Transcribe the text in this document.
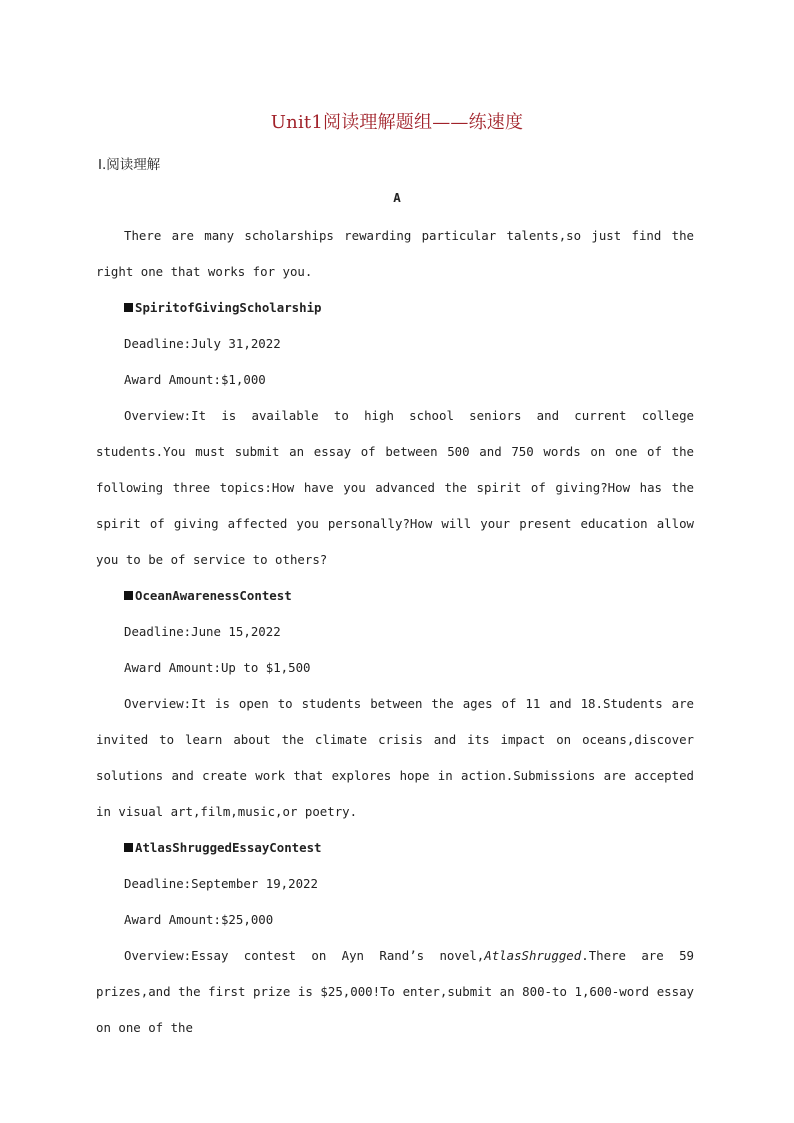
Unit1阅读理解题组——练速度
Ⅰ.阅读理解
A

There are many scholarships rewarding particular talents,so just find the right one that works for you.

SpiritofGivingScholarship

Deadline:July 31,2022

Award Amount:$1,000

Overview:It is available to high school seniors and current college students.You must submit an essay of between 500 and 750 words on one of the following three topics:How have you advanced the spirit of giving?How has the spirit of giving affected you personally?How will your present education allow you to be of service to others?

OceanAwarenessContest

Deadline:June 15,2022

Award Amount:Up to $1,500

Overview:It is open to students between the ages of 11 and 18.Students are invited to learn about the climate crisis and its impact on oceans,discover solutions and create work that explores hope in action.Submissions are accepted in visual art,film,music,or poetry.

AtlasShruggedEssayContest

Deadline:September 19,2022

Award Amount:$25,000

Overview:Essay contest on Ayn Rand’s novel,AtlasShrugged.There are 59 prizes,and the first prize is $25,000!To enter,submit an 800-to 1,600-word essay on one of the
